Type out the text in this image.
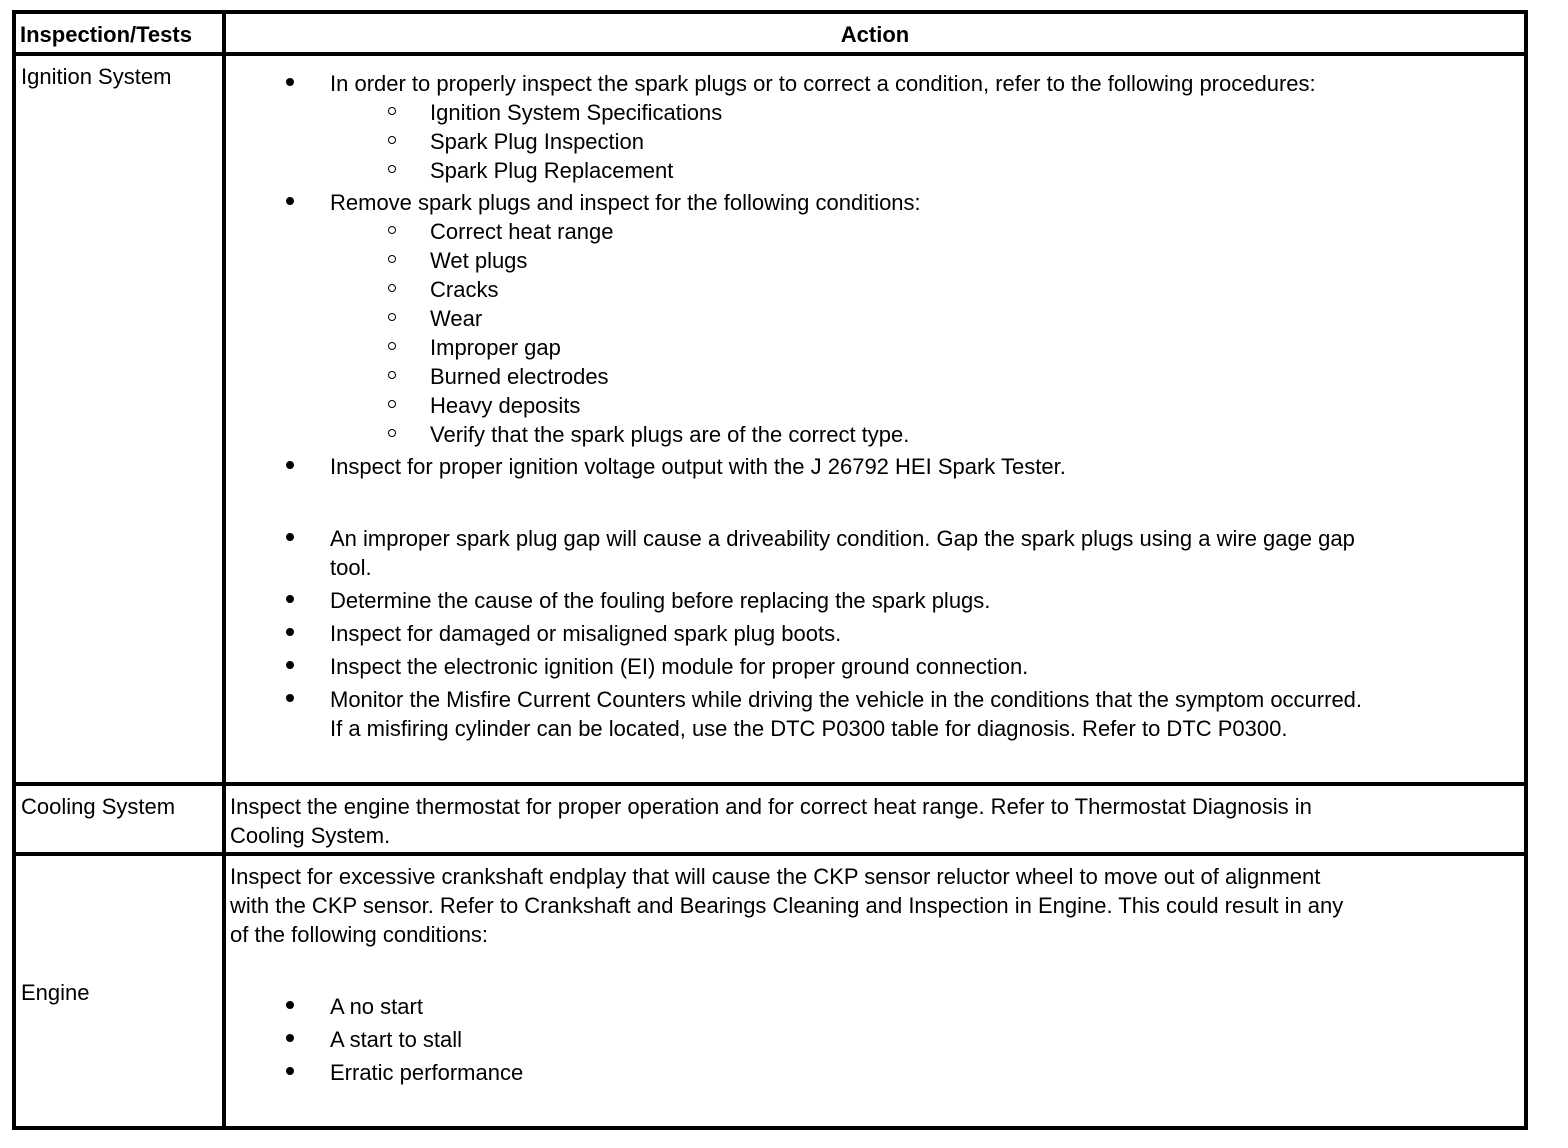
Inspection/Tests	Action
Ignition System	In order to properly inspect the spark plugs or to correct a condition, refer to the following procedures:
Ignition System Specifications
Spark Plug Inspection
Spark Plug Replacement
Remove spark plugs and inspect for the following conditions:
Correct heat range
Wet plugs
Cracks
Wear
Improper gap
Burned electrodes
Heavy deposits
Verify that the spark plugs are of the correct type.
Inspect for proper ignition voltage output with the J 26792 HEI Spark Tester.
An improper spark plug gap will cause a driveability condition. Gap the spark plugs using a wire gage gap
tool.
Determine the cause of the fouling before replacing the spark plugs.
Inspect for damaged or misaligned spark plug boots.
Inspect the electronic ignition (EI) module for proper ground connection.
Monitor the Misfire Current Counters while driving the vehicle in the conditions that the symptom occurred.
If a misfiring cylinder can be located, use the DTC P0300 table for diagnosis. Refer to DTC P0300.
Cooling System Inspect the engine thermostat for proper operation and for correct heat range. Refer to Thermostat Diagnosis in
Cooling System.
Engine
Inspect for excessive crankshaft endplay that will cause the CKP sensor reluctor wheel to move out of alignment
with the CKP sensor. Refer to Crankshaft and Bearings Cleaning and Inspection in Engine. This could result in any
of the following conditions:
A no start
A start to stall
Erratic performance
